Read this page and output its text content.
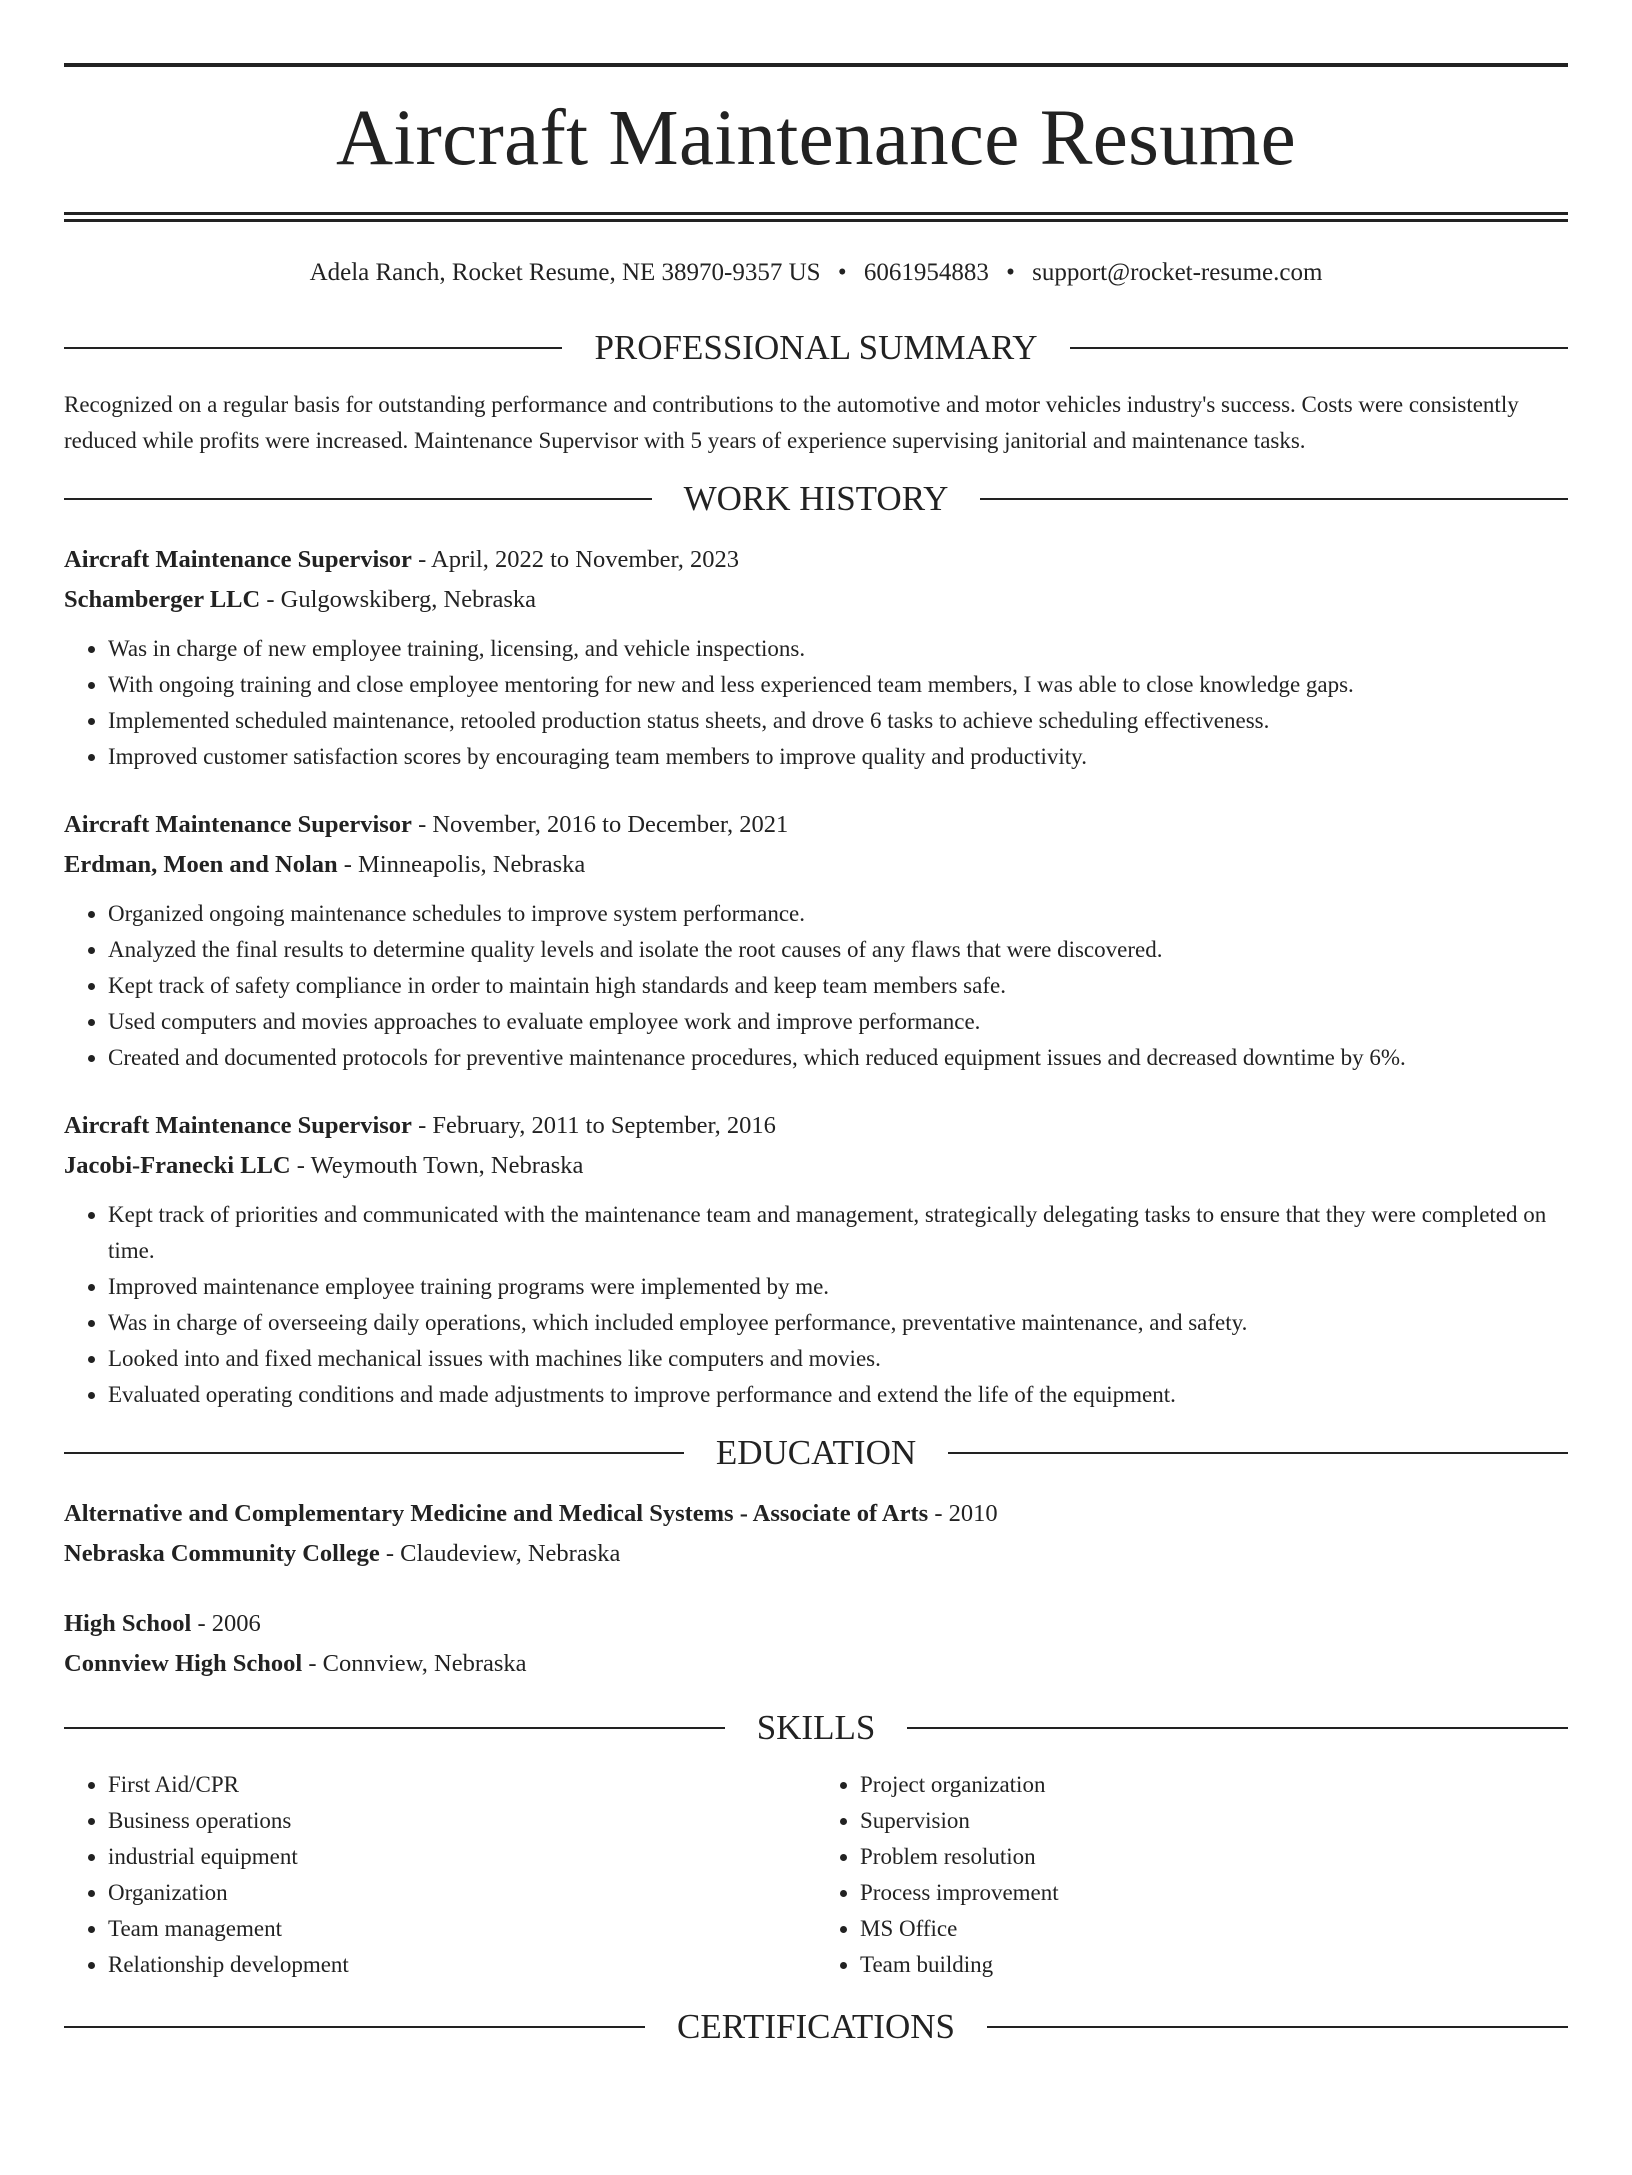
Aircraft Maintenance Resume
Adela Ranch, Rocket Resume, NE 38970-9357 US • 6061954883 • support@rocket-resume.com
PROFESSIONAL SUMMARY
Recognized on a regular basis for outstanding performance and contributions to the automotive and motor vehicles industry's success. Costs were consistently reduced while profits were increased. Maintenance Supervisor with 5 years of experience supervising janitorial and maintenance tasks.
WORK HISTORY
Aircraft Maintenance Supervisor - April, 2022 to November, 2023
Schamberger LLC - Gulgowskiberg, Nebraska
• Was in charge of new employee training, licensing, and vehicle inspections.
• With ongoing training and close employee mentoring for new and less experienced team members, I was able to close knowledge gaps.
• Implemented scheduled maintenance, retooled production status sheets, and drove 6 tasks to achieve scheduling effectiveness.
• Improved customer satisfaction scores by encouraging team members to improve quality and productivity.
Aircraft Maintenance Supervisor - November, 2016 to December, 2021
Erdman, Moen and Nolan - Minneapolis, Nebraska
• Organized ongoing maintenance schedules to improve system performance.
• Analyzed the final results to determine quality levels and isolate the root causes of any flaws that were discovered.
• Kept track of safety compliance in order to maintain high standards and keep team members safe.
• Used computers and movies approaches to evaluate employee work and improve performance.
• Created and documented protocols for preventive maintenance procedures, which reduced equipment issues and decreased downtime by 6%.
Aircraft Maintenance Supervisor - February, 2011 to September, 2016
Jacobi-Franecki LLC - Weymouth Town, Nebraska
• Kept track of priorities and communicated with the maintenance team and management, strategically delegating tasks to ensure that they were completed on time.
• Improved maintenance employee training programs were implemented by me.
• Was in charge of overseeing daily operations, which included employee performance, preventative maintenance, and safety.
• Looked into and fixed mechanical issues with machines like computers and movies.
• Evaluated operating conditions and made adjustments to improve performance and extend the life of the equipment.
EDUCATION
Alternative and Complementary Medicine and Medical Systems - Associate of Arts - 2010
Nebraska Community College - Claudeview, Nebraska
High School - 2006
Connview High School - Connview, Nebraska
SKILLS
• First Aid/CPR
• Business operations
• industrial equipment
• Organization
• Team management
• Relationship development
• Project organization
• Supervision
• Problem resolution
• Process improvement
• MS Office
• Team building
CERTIFICATIONS
